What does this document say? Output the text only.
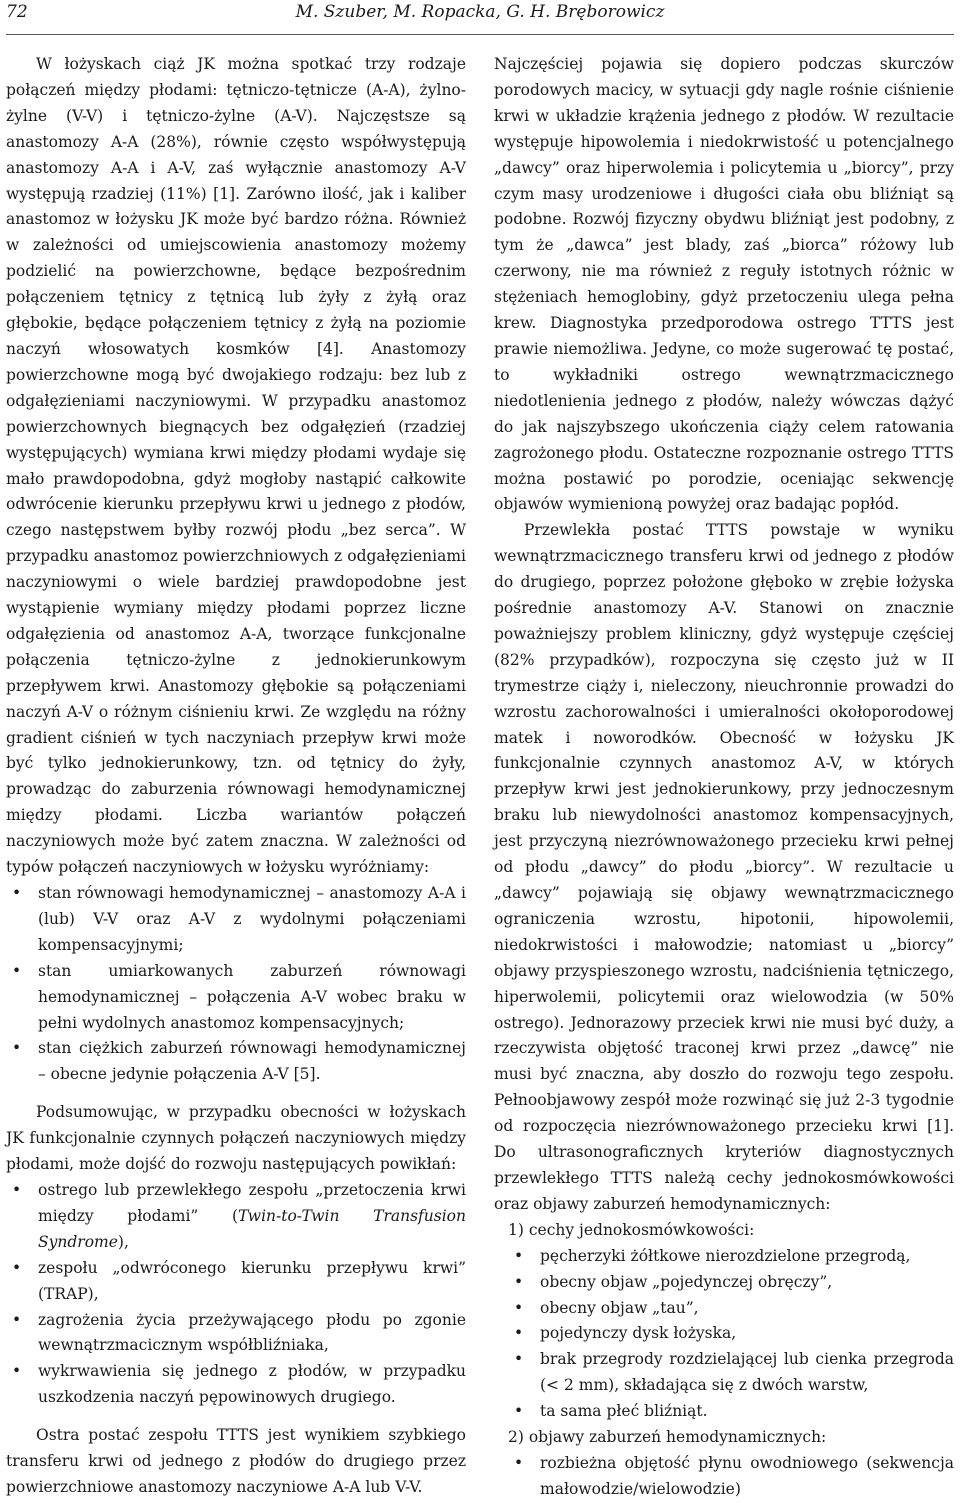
72	M. Szuber, M. Ropacka, G. H. Bręborowicz

W łożyskach ciąż JK można spotkać trzy rodzaje połączeń między płodami: tętniczo-tętnicze (A-A), żylno-żylne (V-V) i tętniczo-żylne (A-V). Najczęstsze są anastomozy A-A (28%), równie często współwystępują anastomozy A-A i A-V, zaś wyłącznie anastomozy A-V występują rzadziej (11%) [1]. Zarówno ilość, jak i kaliber anastomoz w łożysku JK może być bardzo różna. Również w zależności od umiejscowienia anastomozy możemy podzielić na powierzchowne, będące bezpośrednim połączeniem tętnicy z tętnicą lub żyły z żyłą oraz głębokie, będące połączeniem tętnicy z żyłą na poziomie naczyń włosowatych kosmków [4]. Anastomozy powierzchowne mogą być dwojakiego rodzaju: bez lub z odgałęzieniami naczyniowymi. W przypadku anastomoz powierzchownych biegnących bez odgałęzień (rzadziej występujących) wymiana krwi między płodami wydaje się mało prawdopodobna, gdyż mogłoby nastąpić całkowite odwrócenie kierunku przepływu krwi u jednego z płodów, czego następstwem byłby rozwój płodu „bez serca”. W przypadku anastomoz powierzchniowych z odgałęzieniami naczyniowymi o wiele bardziej prawdopodobne jest wystąpienie wymiany między płodami poprzez liczne odgałęzienia od anastomoz A-A, tworzące funkcjonalne połączenia tętniczo-żylne z jednokierunkowym przepływem krwi. Anastomozy głębokie są połączeniami naczyń A-V o różnym ciśnieniu krwi. Ze względu na różny gradient ciśnień w tych naczyniach przepływ krwi może być tylko jednokierunkowy, tzn. od tętnicy do żyły, prowadząc do zaburzenia równowagi hemodynamicznej między płodami. Liczba wariantów połączeń naczyniowych może być zatem znaczna. W zależności od typów połączeń naczyniowych w łożysku wyróżniamy:

• stan równowagi hemodynamicznej – anastomozy A-A i (lub) V-V oraz A-V z wydolnymi połączeniami kompensacyjnymi;
• stan umiarkowanych zaburzeń równowagi hemodynamicznej – połączenia A-V wobec braku w pełni wydolnych anastomoz kompensacyjnych;
• stan ciężkich zaburzeń równowagi hemodynamicznej – obecne jedynie połączenia A-V [5].

Podsumowując, w przypadku obecności w łożyskach JK funkcjonalnie czynnych połączeń naczyniowych między płodami, może dojść do rozwoju następujących powikłań:

• ostrego lub przewlekłego zespołu „przetoczenia krwi między płodami” (Twin-to-Twin Transfusion Syndrome),
• zespołu „odwróconego kierunku przepływu krwi” (TRAP),
• zagrożenia życia przeżywającego płodu po zgonie wewnątrzmacicznym współbliźniaka,
• wykrwawienia się jednego z płodów, w przypadku uszkodzenia naczyń pępowinowych drugiego.

Ostra postać zespołu TTTS jest wynikiem szybkiego transferu krwi od jednego z płodów do drugiego przez powierzchniowe anastomozy naczyniowe A-A lub V-V.

Najczęściej pojawia się dopiero podczas skurczów porodowych macicy, w sytuacji gdy nagle rośnie ciśnienie krwi w układzie krążenia jednego z płodów. W rezultacie występuje hipowolemia i niedokrwistość u potencjalnego „dawcy” oraz hiperwolemia i policytemia u „biorcy”, przy czym masy urodzeniowe i długości ciała obu bliźniąt są podobne. Rozwój fizyczny obydwu bliźniąt jest podobny, z tym że „dawca” jest blady, zaś „biorca” różowy lub czerwony, nie ma również z reguły istotnych różnic w stężeniach hemoglobiny, gdyż przetoczeniu ulega pełna krew. Diagnostyka przedporodowa ostrego TTTS jest prawie niemożliwa. Jedyne, co może sugerować tę postać, to wykładniki ostrego wewnątrzmacicznego niedotlenienia jednego z płodów, należy wówczas dążyć do jak najszybszego ukończenia ciąży celem ratowania zagrożonego płodu. Ostateczne rozpoznanie ostrego TTTS można postawić po porodzie, oceniając sekwencję objawów wymienioną powyżej oraz badając popłód.

Przewlekła postać TTTS powstaje w wyniku wewnątrzmacicznego transferu krwi od jednego z płodów do drugiego, poprzez położone głęboko w zrębie łożyska pośrednie anastomozy A-V. Stanowi on znacznie poważniejszy problem kliniczny, gdyż występuje częściej (82% przypadków), rozpoczyna się często już w II trymestrze ciąży i, nieleczony, nieuchronnie prowadzi do wzrostu zachorowalności i umieralności okołoporodowej matek i noworodków. Obecność w łożysku JK funkcjonalnie czynnych anastomoz A-V, w których przepływ krwi jest jednokierunkowy, przy jednoczesnym braku lub niewydolności anastomoz kompensacyjnych, jest przyczyną niezrównoważonego przecieku krwi pełnej od płodu „dawcy” do płodu „biorcy”. W rezultacie u „dawcy” pojawiają się objawy wewnątrzmacicznego ograniczenia wzrostu, hipotonii, hipowolemii, niedokrwistości i małowodzie; natomiast u „biorcy” objawy przyspieszonego wzrostu, nadciśnienia tętniczego, hiperwolemii, policytemii oraz wielowodzia (w 50% ostrego). Jednorazowy przeciek krwi nie musi być duży, a rzeczywista objętość traconej krwi przez „dawcę” nie musi być znaczna, aby doszło do rozwoju tego zespołu. Pełnoobjawowy zespół może rozwinąć się już 2-3 tygodnie od rozpoczęcia niezrównoważonego przecieku krwi [1]. Do ultrasonograficznych kryteriów diagnostycznych przewlekłego TTTS należą cechy jednokosmówkowości oraz objawy zaburzeń hemodynamicznych:

1) cechy jednokosmówkowości:
• pęcherzyki żółtkowe nierozdzielone przegrodą,
• obecny objaw „pojedynczej obręczy”,
• obecny objaw „tau”,
• pojedynczy dysk łożyska,
• brak przegrody rozdzielającej lub cienka przegroda (< 2 mm), składająca się z dwóch warstw,
• ta sama płeć bliźniąt.
2) objawy zaburzeń hemodynamicznych:
• rozbieżna objętość płynu owodniowego (sekwencja małowodzie/wielowodzie)
